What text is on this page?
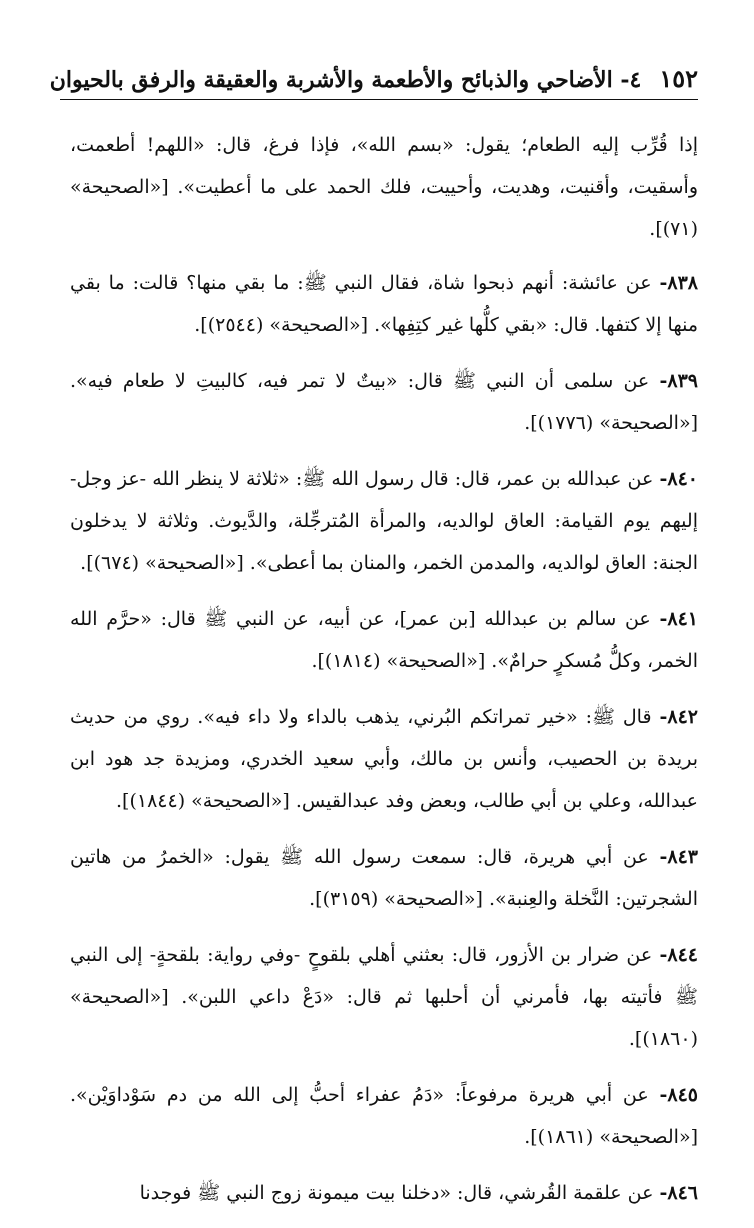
١٥٢
٤- الأضاحي والذبائح والأطعمة والأشربة والعقيقة والرفق بالحيوان

إذا قُرِّب إليه الطعام؛ يقول: «بسم الله»، فإذا فرغ، قال: «اللهم! أطعمت، وأسقيت، وأقنيت، وهديت، وأحييت، فلك الحمد على ما أعطيت». [«الصحيحة» (٧١)].

٨٣٨- عن عائشة: أنهم ذبحوا شاة، فقال النبي ﷺ: ما بقي منها؟ قالت: ما بقي منها إلا كتفها. قال: «بقي كلُّها غير كتِفِها». [«الصحيحة» (٢٥٤٤)].

٨٣٩- عن سلمى أن النبي ﷺ قال: «بيتٌ لا تمر فيه، كالبيتِ لا طعام فيه». [«الصحيحة» (١٧٧٦)].

٨٤٠- عن عبدالله بن عمر، قال: قال رسول الله ﷺ: «ثلاثة لا ينظر الله -عز وجل- إليهم يوم القيامة: العاق لوالديه، والمرأة المُترجِّلة، والدَّيوث. وثلاثة لا يدخلون الجنة: العاق لوالديه، والمدمن الخمر، والمنان بما أعطى». [«الصحيحة» (٦٧٤)].

٨٤١- عن سالم بن عبدالله [بن عمر]، عن أبيه، عن النبي ﷺ قال: «حرَّم الله الخمر، وكلُّ مُسكرٍ حرامٌ». [«الصحيحة» (١٨١٤)].

٨٤٢- قال ﷺ: «خير تمراتكم البُرني، يذهب بالداء ولا داء فيه». روي من حديث بريدة بن الحصيب، وأنس بن مالك، وأبي سعيد الخدري، ومزيدة جد هود ابن عبدالله، وعلي بن أبي طالب، وبعض وفد عبدالقيس. [«الصحيحة» (١٨٤٤)].

٨٤٣- عن أبي هريرة، قال: سمعت رسول الله ﷺ يقول: «الخمرُ من هاتين الشجرتين: النَّخلة والعِنبة». [«الصحيحة» (٣١٥٩)].

٨٤٤- عن ضرار بن الأزور، قال: بعثني أهلي بلقوحٍ -وفي رواية: بلقحةٍ- إلى النبي ﷺ فأتيته بها، فأمرني أن أحلبها ثم قال: «دَعْ داعي اللبن». [«الصحيحة» (١٨٦٠)].

٨٤٥- عن أبي هريرة مرفوعاً: «دَمُ عفراء أحبُّ إلى الله من دم سَوْداوَيْن». [«الصحيحة» (١٨٦١)].

٨٤٦- عن علقمة القُرشي، قال: «دخلنا بيت ميمونة زوج النبي ﷺ فوجدنا
